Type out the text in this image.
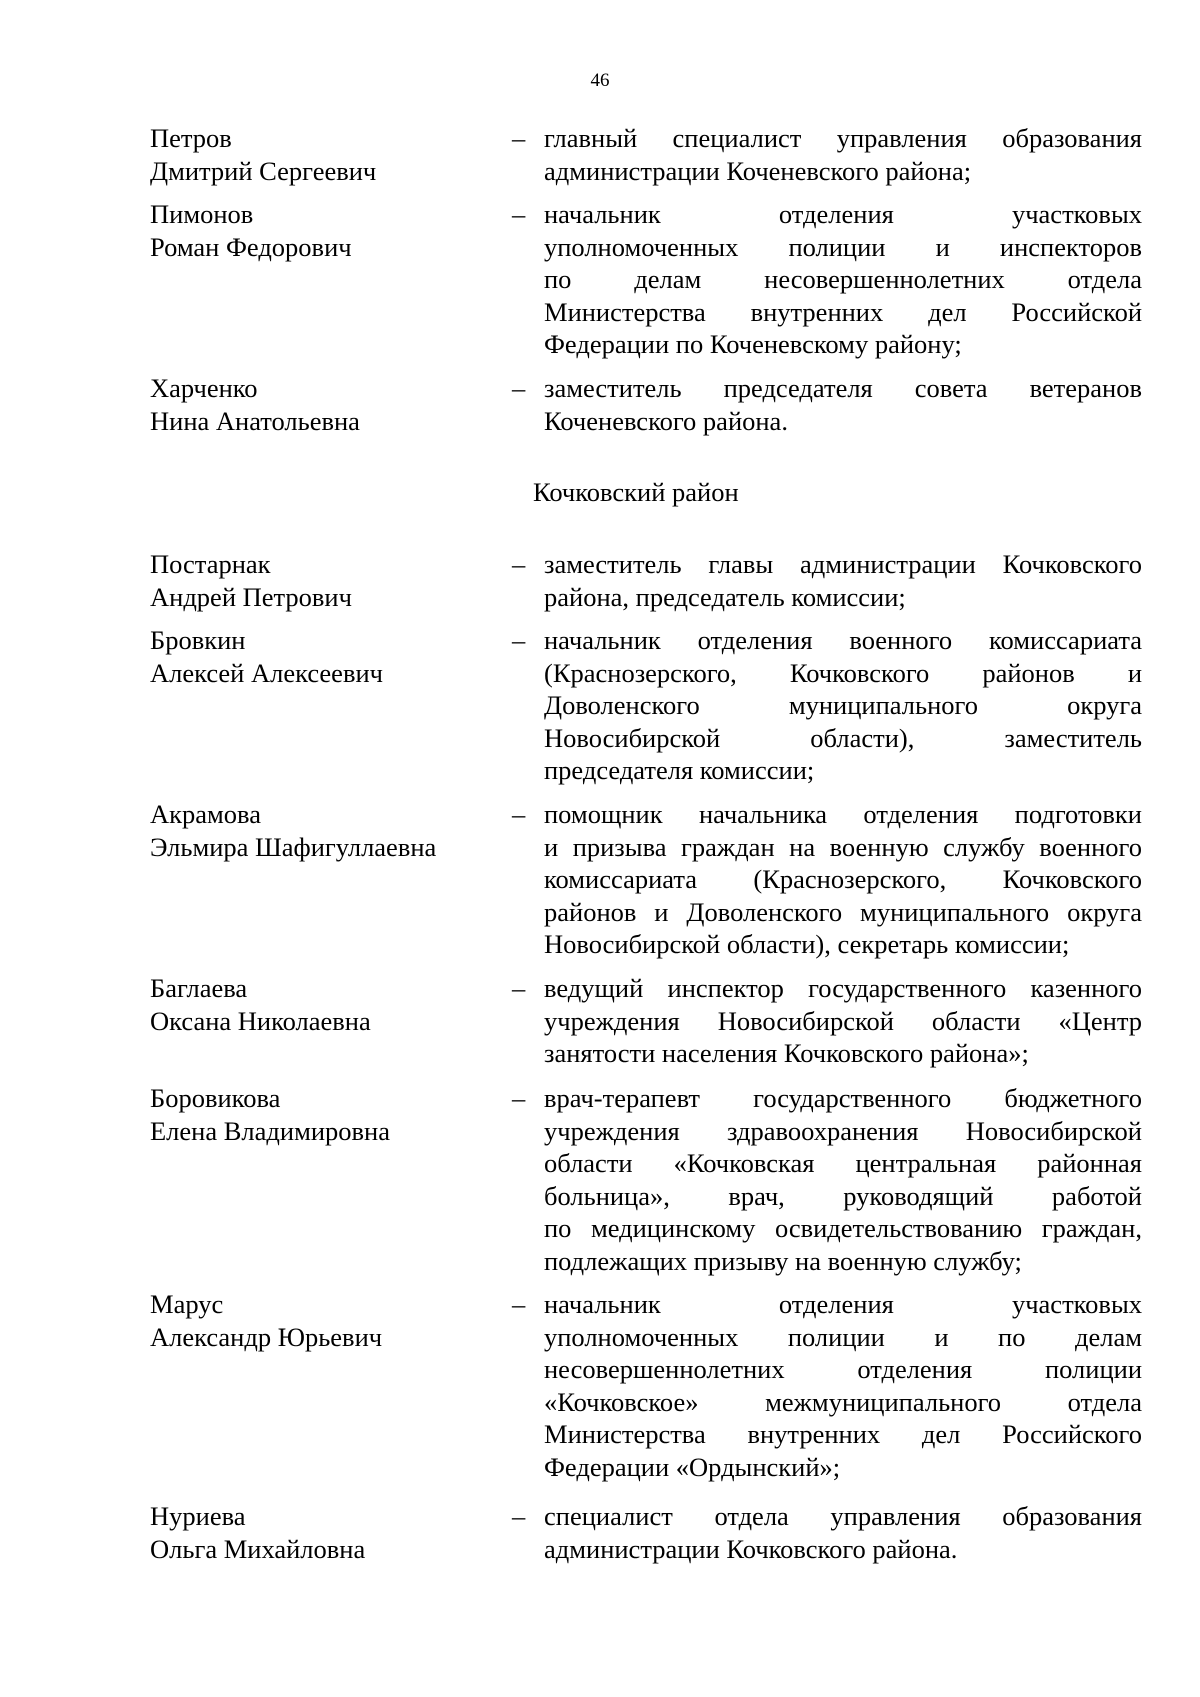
46
Кочковский район
Петров
Дмитрий Сергеевич
– главный специалист управления образования
администрации Коченевского района;
Пимонов
Роман Федорович
– начальник отделения участковых
уполномоченных полиции и инспекторов
по делам несовершеннолетних отдела
Министерства внутренних дел Российской
Федерации по Коченевскому району;
Харченко
Нина Анатольевна
– заместитель председателя совета ветеранов
Коченевского района.
Постарнак
Андрей Петрович
– заместитель главы администрации Кочковского
района, председатель комиссии;
Бровкин
Алексей Алексеевич
– начальник отделения военного комиссариата
(Краснозерского, Кочковского районов и
Доволенского муниципального округа
Новосибирской области), заместитель
председателя комиссии;
Акрамова
Эльмира Шафигуллаевна
– помощник начальника отделения подготовки
и призыва граждан на военную службу военного
комиссариата (Краснозерского, Кочковского
районов и Доволенского муниципального округа
Новосибирской области), секретарь комиссии;
Баглаева
Оксана Николаевна
– ведущий инспектор государственного казенного
учреждения Новосибирской области «Центр
занятости населения Кочковского района»;
Боровикова
Елена Владимировна
– врач-терапевт государственного бюджетного
учреждения здравоохранения Новосибирской
области «Кочковская центральная районная
больница», врач, руководящий работой
по медицинскому освидетельствованию граждан,
подлежащих призыву на военную службу;
Марус
Александр Юрьевич
– начальник отделения участковых
уполномоченных полиции и по делам
несовершеннолетних отделения полиции
«Кочковское» межмуниципального отдела
Министерства внутренних дел Российского
Федерации «Ордынский»;
Нуриева
Ольга Михайловна
– специалист отдела управления образования
администрации Кочковского района.
